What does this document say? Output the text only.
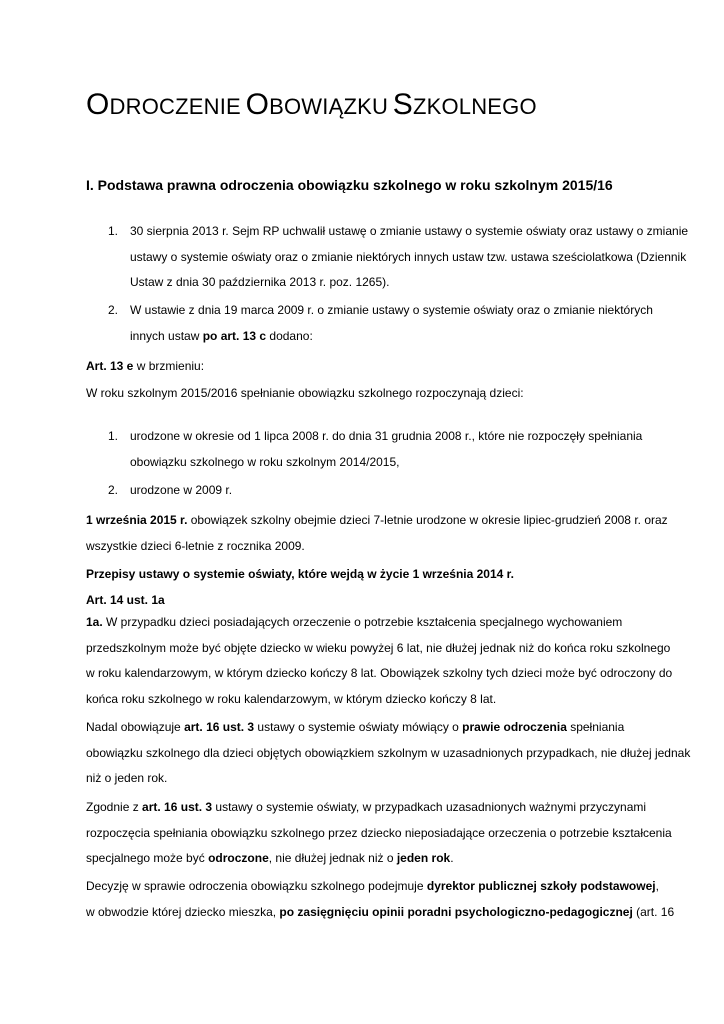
ODROCZENIE OBOWIĄZKU SZKOLNEGO
I. Podstawa prawna odroczenia obowiązku szkolnego w roku szkolnym 2015/16
1. 30 sierpnia 2013 r. Sejm RP uchwalił ustawę o zmianie ustawy o systemie oświaty oraz ustawy o zmianie
ustawy o systemie oświaty oraz o zmianie niektórych innych ustaw tzw. ustawa sześciolatkowa (Dziennik
Ustaw z dnia 30 października 2013 r. poz. 1265).
2. W ustawie z dnia 19 marca 2009 r. o zmianie ustawy o systemie oświaty oraz o zmianie niektórych
innych ustaw po art. 13 c dodano:
Art. 13 e w brzmieniu:
W roku szkolnym 2015/2016 spełnianie obowiązku szkolnego rozpoczynają dzieci:
1. urodzone w okresie od 1 lipca 2008 r. do dnia 31 grudnia 2008 r., które nie rozpoczęły spełniania
obowiązku szkolnego w roku szkolnym 2014/2015,
2. urodzone w 2009 r.
1 września 2015 r. obowiązek szkolny obejmie dzieci 7-letnie urodzone w okresie lipiec-grudzień 2008 r. oraz
wszystkie dzieci 6-letnie z rocznika 2009.
Przepisy ustawy o systemie oświaty, które wejdą w życie 1 września 2014 r.
Art. 14 ust. 1a
1a. W przypadku dzieci posiadających orzeczenie o potrzebie kształcenia specjalnego wychowaniem
przedszkolnym może być objęte dziecko w wieku powyżej 6 lat, nie dłużej jednak niż do końca roku szkolnego
w roku kalendarzowym, w którym dziecko kończy 8 lat. Obowiązek szkolny tych dzieci może być odroczony do
końca roku szkolnego w roku kalendarzowym, w którym dziecko kończy 8 lat.
Nadal obowiązuje art. 16 ust. 3 ustawy o systemie oświaty mówiący o prawie odroczenia spełniania
obowiązku szkolnego dla dzieci objętych obowiązkiem szkolnym w uzasadnionych przypadkach, nie dłużej jednak
niż o jeden rok.
Zgodnie z art. 16 ust. 3 ustawy o systemie oświaty, w przypadkach uzasadnionych ważnymi przyczynami
rozpoczęcia spełniania obowiązku szkolnego przez dziecko nieposiadające orzeczenia o potrzebie kształcenia
specjalnego może być odroczone, nie dłużej jednak niż o jeden rok.
Decyzję w sprawie odroczenia obowiązku szkolnego podejmuje dyrektor publicznej szkoły podstawowej,
w obwodzie której dziecko mieszka, po zasięgnięciu opinii poradni psychologiczno-pedagogicznej (art. 16
